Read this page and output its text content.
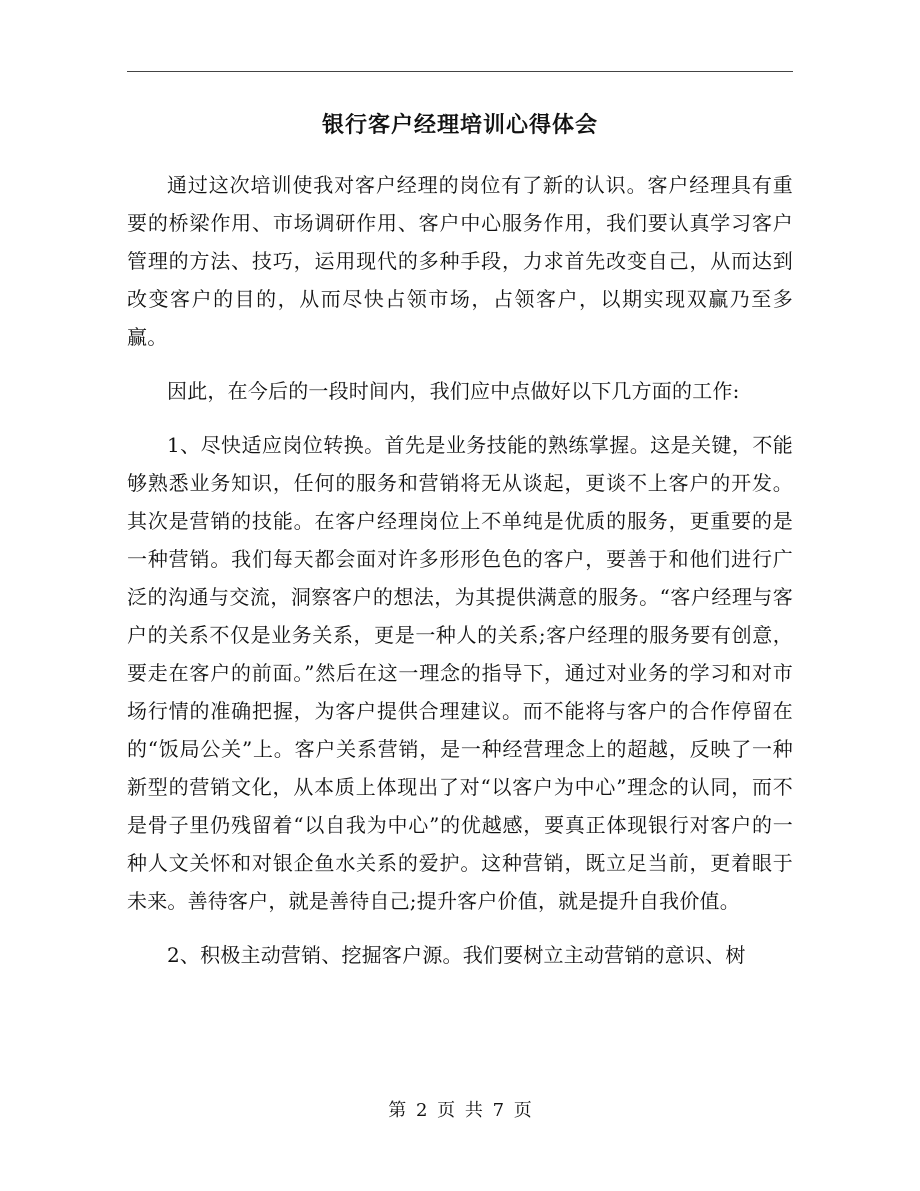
银行客户经理培训心得体会

通过这次培训使我对客户经理的岗位有了新的认识。客户经理具有重要的桥梁作用、市场调研作用、客户中心服务作用，我们要认真学习客户管理的方法、技巧，运用现代的多种手段，力求首先改变自己，从而达到改变客户的目的，从而尽快占领市场，占领客户，以期实现双赢乃至多赢。

因此，在今后的一段时间内，我们应中点做好以下几方面的工作:

1、尽快适应岗位转换。首先是业务技能的熟练掌握。这是关键，不能够熟悉业务知识，任何的服务和营销将无从谈起，更谈不上客户的开发。其次是营销的技能。在客户经理岗位上不单纯是优质的服务，更重要的是一种营销。我们每天都会面对许多形形色色的客户，要善于和他们进行广泛的沟通与交流，洞察客户的想法，为其提供满意的服务。“客户经理与客户的关系不仅是业务关系，更是一种人的关系;客户经理的服务要有创意，要走在客户的前面。”然后在这一理念的指导下，通过对业务的学习和对市场行情的准确把握，为客户提供合理建议。而不能将与客户的合作停留在的“饭局公关”上。客户关系营销，是一种经营理念上的超越，反映了一种新型的营销文化，从本质上体现出了对“以客户为中心”理念的认同，而不是骨子里仍残留着“以自我为中心”的优越感，要真正体现银行对客户的一种人文关怀和对银企鱼水关系的爱护。这种营销，既立足当前，更着眼于未来。善待客户，就是善待自己;提升客户价值，就是提升自我价值。

2、积极主动营销、挖掘客户源。我们要树立主动营销的意识、树

第 2 页 共 7 页
